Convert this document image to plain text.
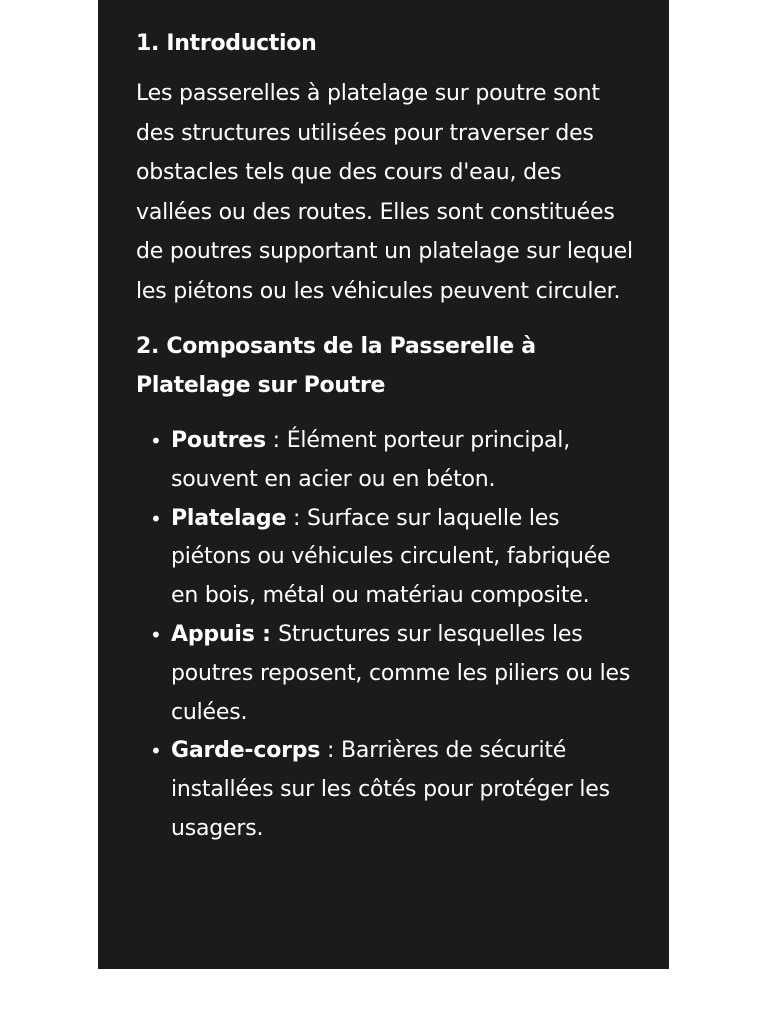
1. Introduction

Les passerelles à platelage sur poutre sont des structures utilisées pour traverser des obstacles tels que des cours d'eau, des vallées ou des routes. Elles sont constituées de poutres supportant un platelage sur lequel les piétons ou les véhicules peuvent circuler.

2. Composants de la Passerelle à Platelage sur Poutre
• Poutres : Élément porteur principal, souvent en acier ou en béton.
• Platelage : Surface sur laquelle les piétons ou véhicules circulent, fabriquée en bois, métal ou matériau composite.
• Appuis : Structures sur lesquelles les poutres reposent, comme les piliers ou les culées.
• Garde-corps : Barrières de sécurité installées sur les côtés pour protéger les usagers.
